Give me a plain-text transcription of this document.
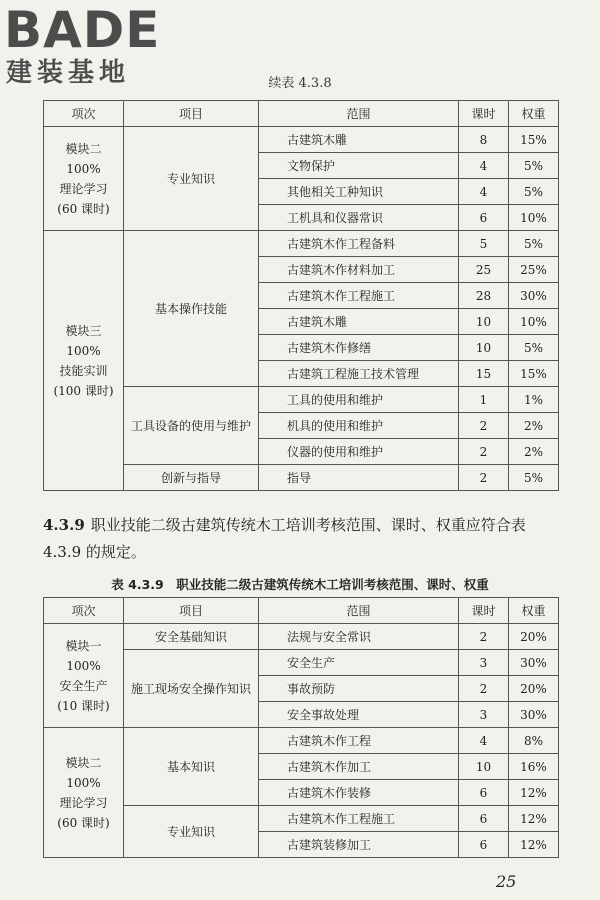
BADE
建装基地	续表 4.3.8
项次	项目	范围	课时	权重

模块二 100%
理论学习
(60 课时)	专业知识	古建筑木雕	8	15%
		文物保护	4	5%
		其他相关工种知识	4	5%
		工机具和仪器常识	6	10%

模块三 100%
技能实训
(100 课时)	基本操作技能	古建筑木作工程备料	5	5%
		古建筑木作材料加工	25	25%
		古建筑木作工程施工	28	30%
		古建筑木雕	10	10%
		古建筑木作修缮	10	5%
		古建筑工程施工技术管理	15	15%
	工具设备的使用与维护	工具的使用和维护	1	1%
		机具的使用和维护	2	2%
		仪器的使用和维护	2	2%
	创新与指导	指导	2	5%
4.3.9 职业技能二级古建筑传统木工培训考核范围、课时、权重应符合表 4.3.9 的规定。
表 4.3.9　职业技能二级古建筑传统木工培训考核范围、课时、权重
项次	项目	范围	课时	权重

模块一 100%
安全生产
(10 课时)	安全基础知识	法规与安全常识	2	20%
	施工现场安全操作知识	安全生产	3	30%
		事故预防	2	20%
		安全事故处理	3	30%

模块二 100%
理论学习
(60 课时)	基本知识	古建筑木作工程	4	8%
		古建筑木作加工	10	16%
		古建筑木作装修	6	12%
	专业知识	古建筑木作工程施工	6	12%
		古建筑装修加工	6	12%
25
